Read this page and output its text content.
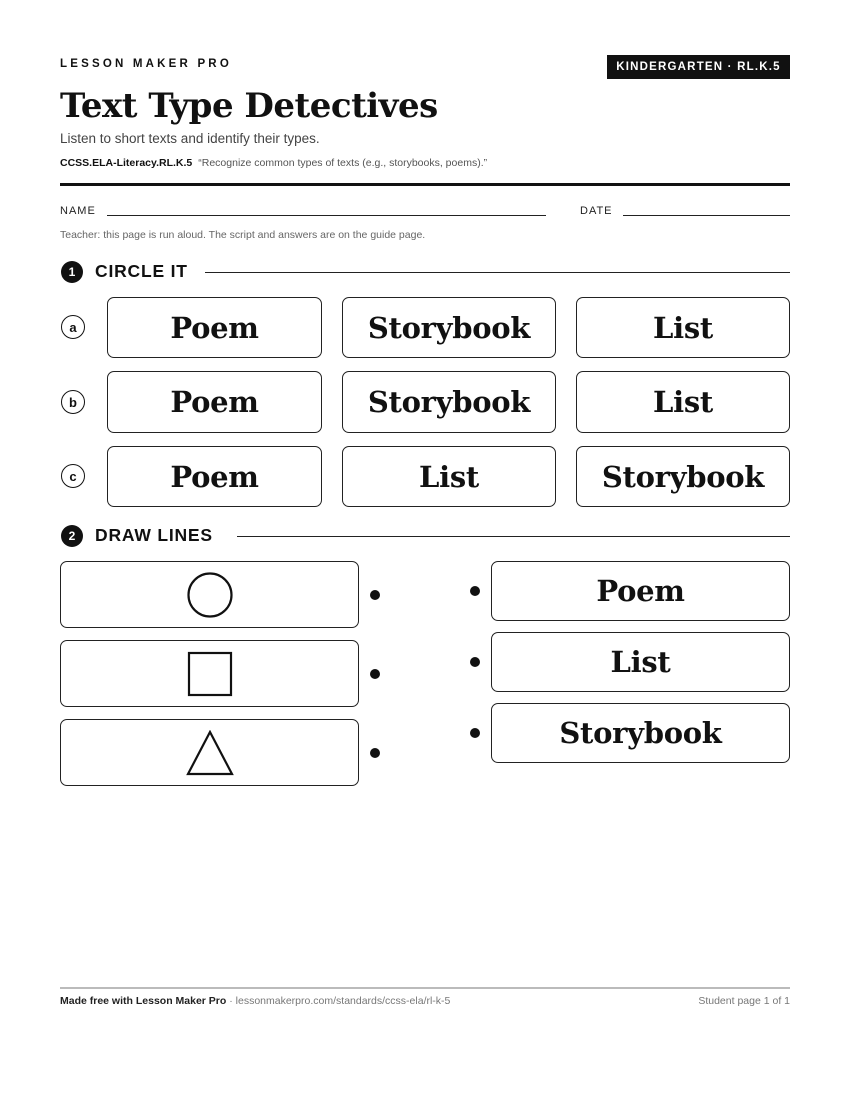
LESSON MAKER PRO	KINDERGARTEN · RL.K.5
Text Type Detectives
Listen to short texts and identify their types.
CCSS.ELA-Literacy.RL.K.5 “Recognize common types of texts (e.g., storybooks, poems).”
NAME	DATE
Teacher: this page is run aloud. The script and answers are on the guide page.
1	CIRCLE IT
a	Poem	Storybook	List
b	Poem	Storybook	List
c	Poem	List	Storybook
2	DRAW LINES
Poem
List
Storybook
Made free with Lesson Maker Pro · lessonmakerpro.com/standards/ccss-ela/rl-k-5	Student page 1 of 1
